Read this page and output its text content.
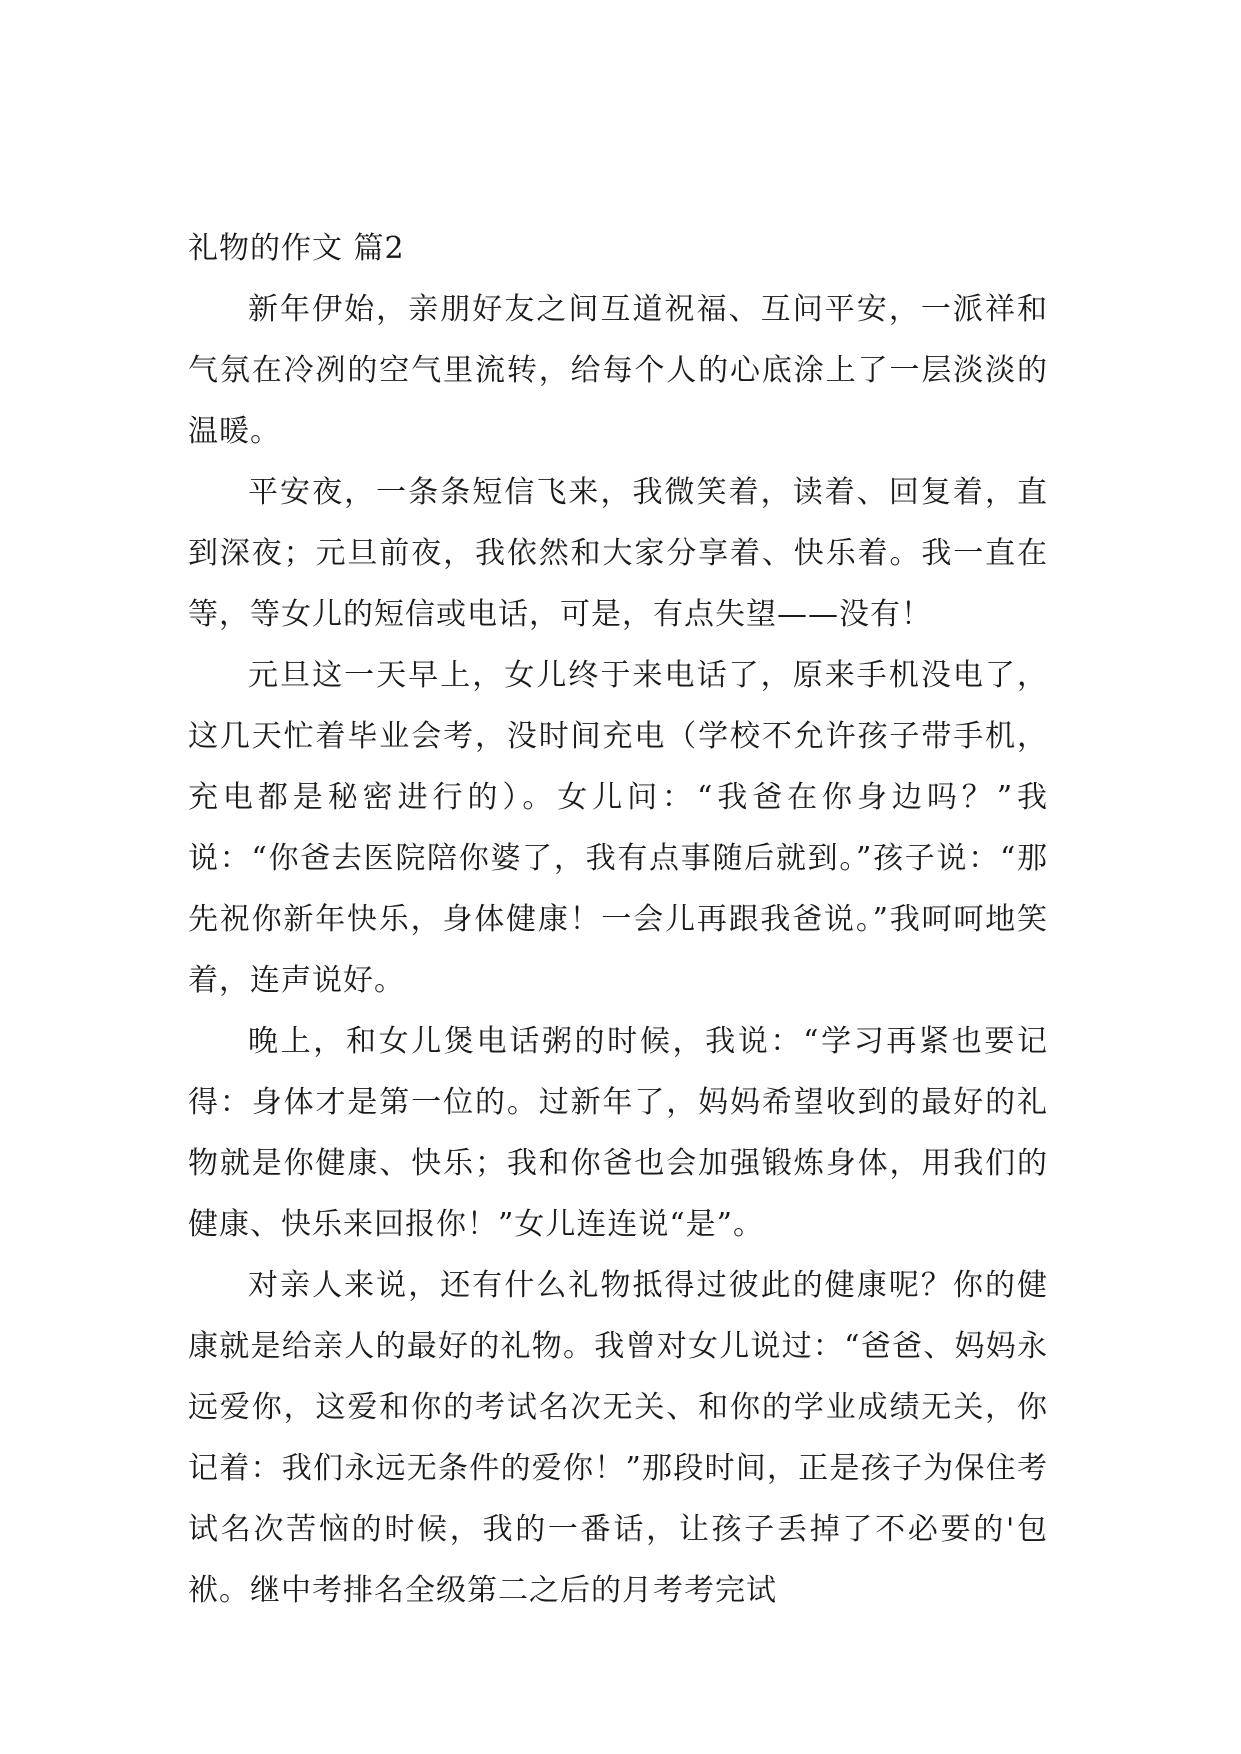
礼物的作文 篇2

新年伊始，亲朋好友之间互道祝福、互问平安，一派祥和气氛在冷冽的空气里流转，给每个人的心底涂上了一层淡淡的温暖。

平安夜，一条条短信飞来，我微笑着，读着、回复着，直到深夜；元旦前夜，我依然和大家分享着、快乐着。我一直在等，等女儿的短信或电话，可是，有点失望——没有！

元旦这一天早上，女儿终于来电话了，原来手机没电了，这几天忙着毕业会考，没时间充电（学校不允许孩子带手机，充电都是秘密进行的）。女儿问：“我爸在你身边吗？”我说：“你爸去医院陪你婆了，我有点事随后就到。”孩子说：“那先祝你新年快乐，身体健康！一会儿再跟我爸说。”我呵呵地笑着，连声说好。

晚上，和女儿煲电话粥的时候，我说：“学习再紧也要记得：身体才是第一位的。过新年了，妈妈希望收到的最好的礼物就是你健康、快乐；我和你爸也会加强锻炼身体，用我们的健康、快乐来回报你！”女儿连连说“是”。

对亲人来说，还有什么礼物抵得过彼此的健康呢？你的健康就是给亲人的最好的礼物。我曾对女儿说过：“爸爸、妈妈永远爱你，这爱和你的考试名次无关、和你的学业成绩无关，你记着：我们永远无条件的爱你！”那段时间，正是孩子为保住考试名次苦恼的时候，我的一番话，让孩子丢掉了不必要的'包袱。继中考排名全级第二之后的月考考完试
